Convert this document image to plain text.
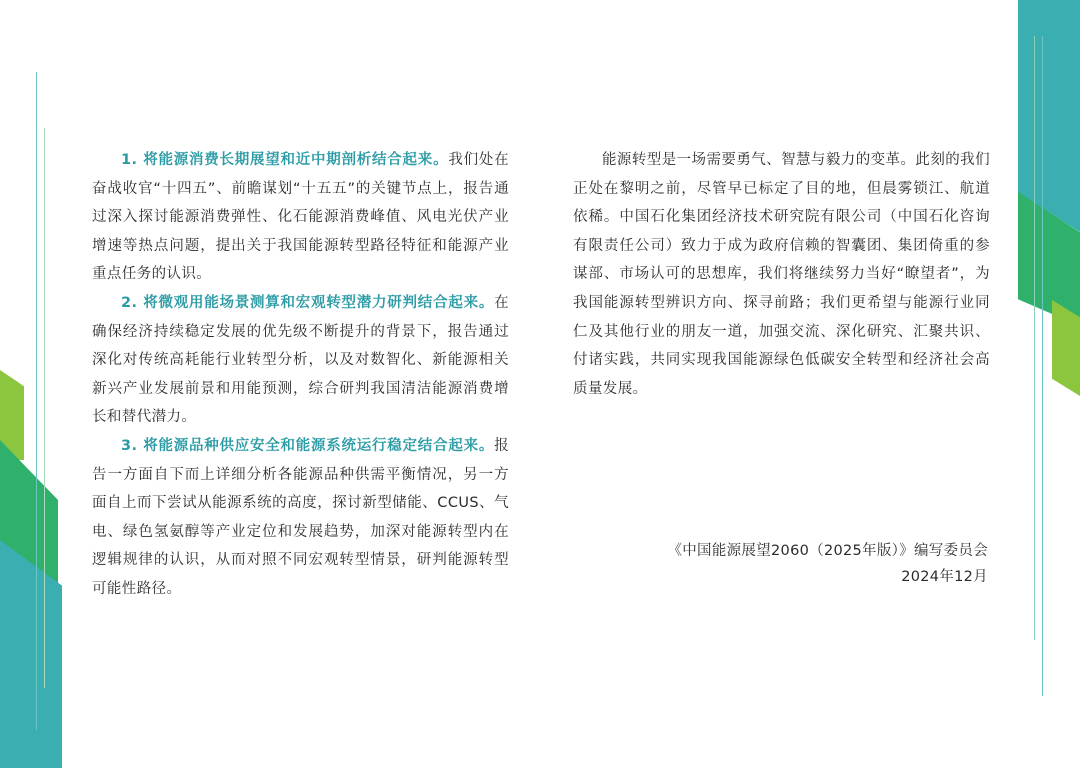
1. 将能源消费长期展望和近中期剖析结合起来。我们处在奋战收官“十四五”、前瞻谋划“十五五”的关键节点上，报告通过深入探讨能源消费弹性、化石能源消费峰值、风电光伏产业增速等热点问题，提出关于我国能源转型路径特征和能源产业重点任务的认识。

2. 将微观用能场景测算和宏观转型潜力研判结合起来。在确保经济持续稳定发展的优先级不断提升的背景下，报告通过深化对传统高耗能行业转型分析，以及对数智化、新能源相关新兴产业发展前景和用能预测，综合研判我国清洁能源消费增长和替代潜力。

3. 将能源品种供应安全和能源系统运行稳定结合起来。报告一方面自下而上详细分析各能源品种供需平衡情况，另一方面自上而下尝试从能源系统的高度，探讨新型储能、CCUS、气电、绿色氢氨醇等产业定位和发展趋势，加深对能源转型内在逻辑规律的认识，从而对照不同宏观转型情景，研判能源转型可能性路径。

能源转型是一场需要勇气、智慧与毅力的变革。此刻的我们正处在黎明之前，尽管早已标定了目的地，但晨雾锁江、航道依稀。中国石化集团经济技术研究院有限公司（中国石化咨询有限责任公司）致力于成为政府信赖的智囊团、集团倚重的参谋部、市场认可的思想库，我们将继续努力当好“瞭望者”，为我国能源转型辨识方向、探寻前路；我们更希望与能源行业同仁及其他行业的朋友一道，加强交流、深化研究、汇聚共识、付诸实践，共同实现我国能源绿色低碳安全转型和经济社会高质量发展。

《中国能源展望2060（2025年版）》编写委员会
2024年12月
